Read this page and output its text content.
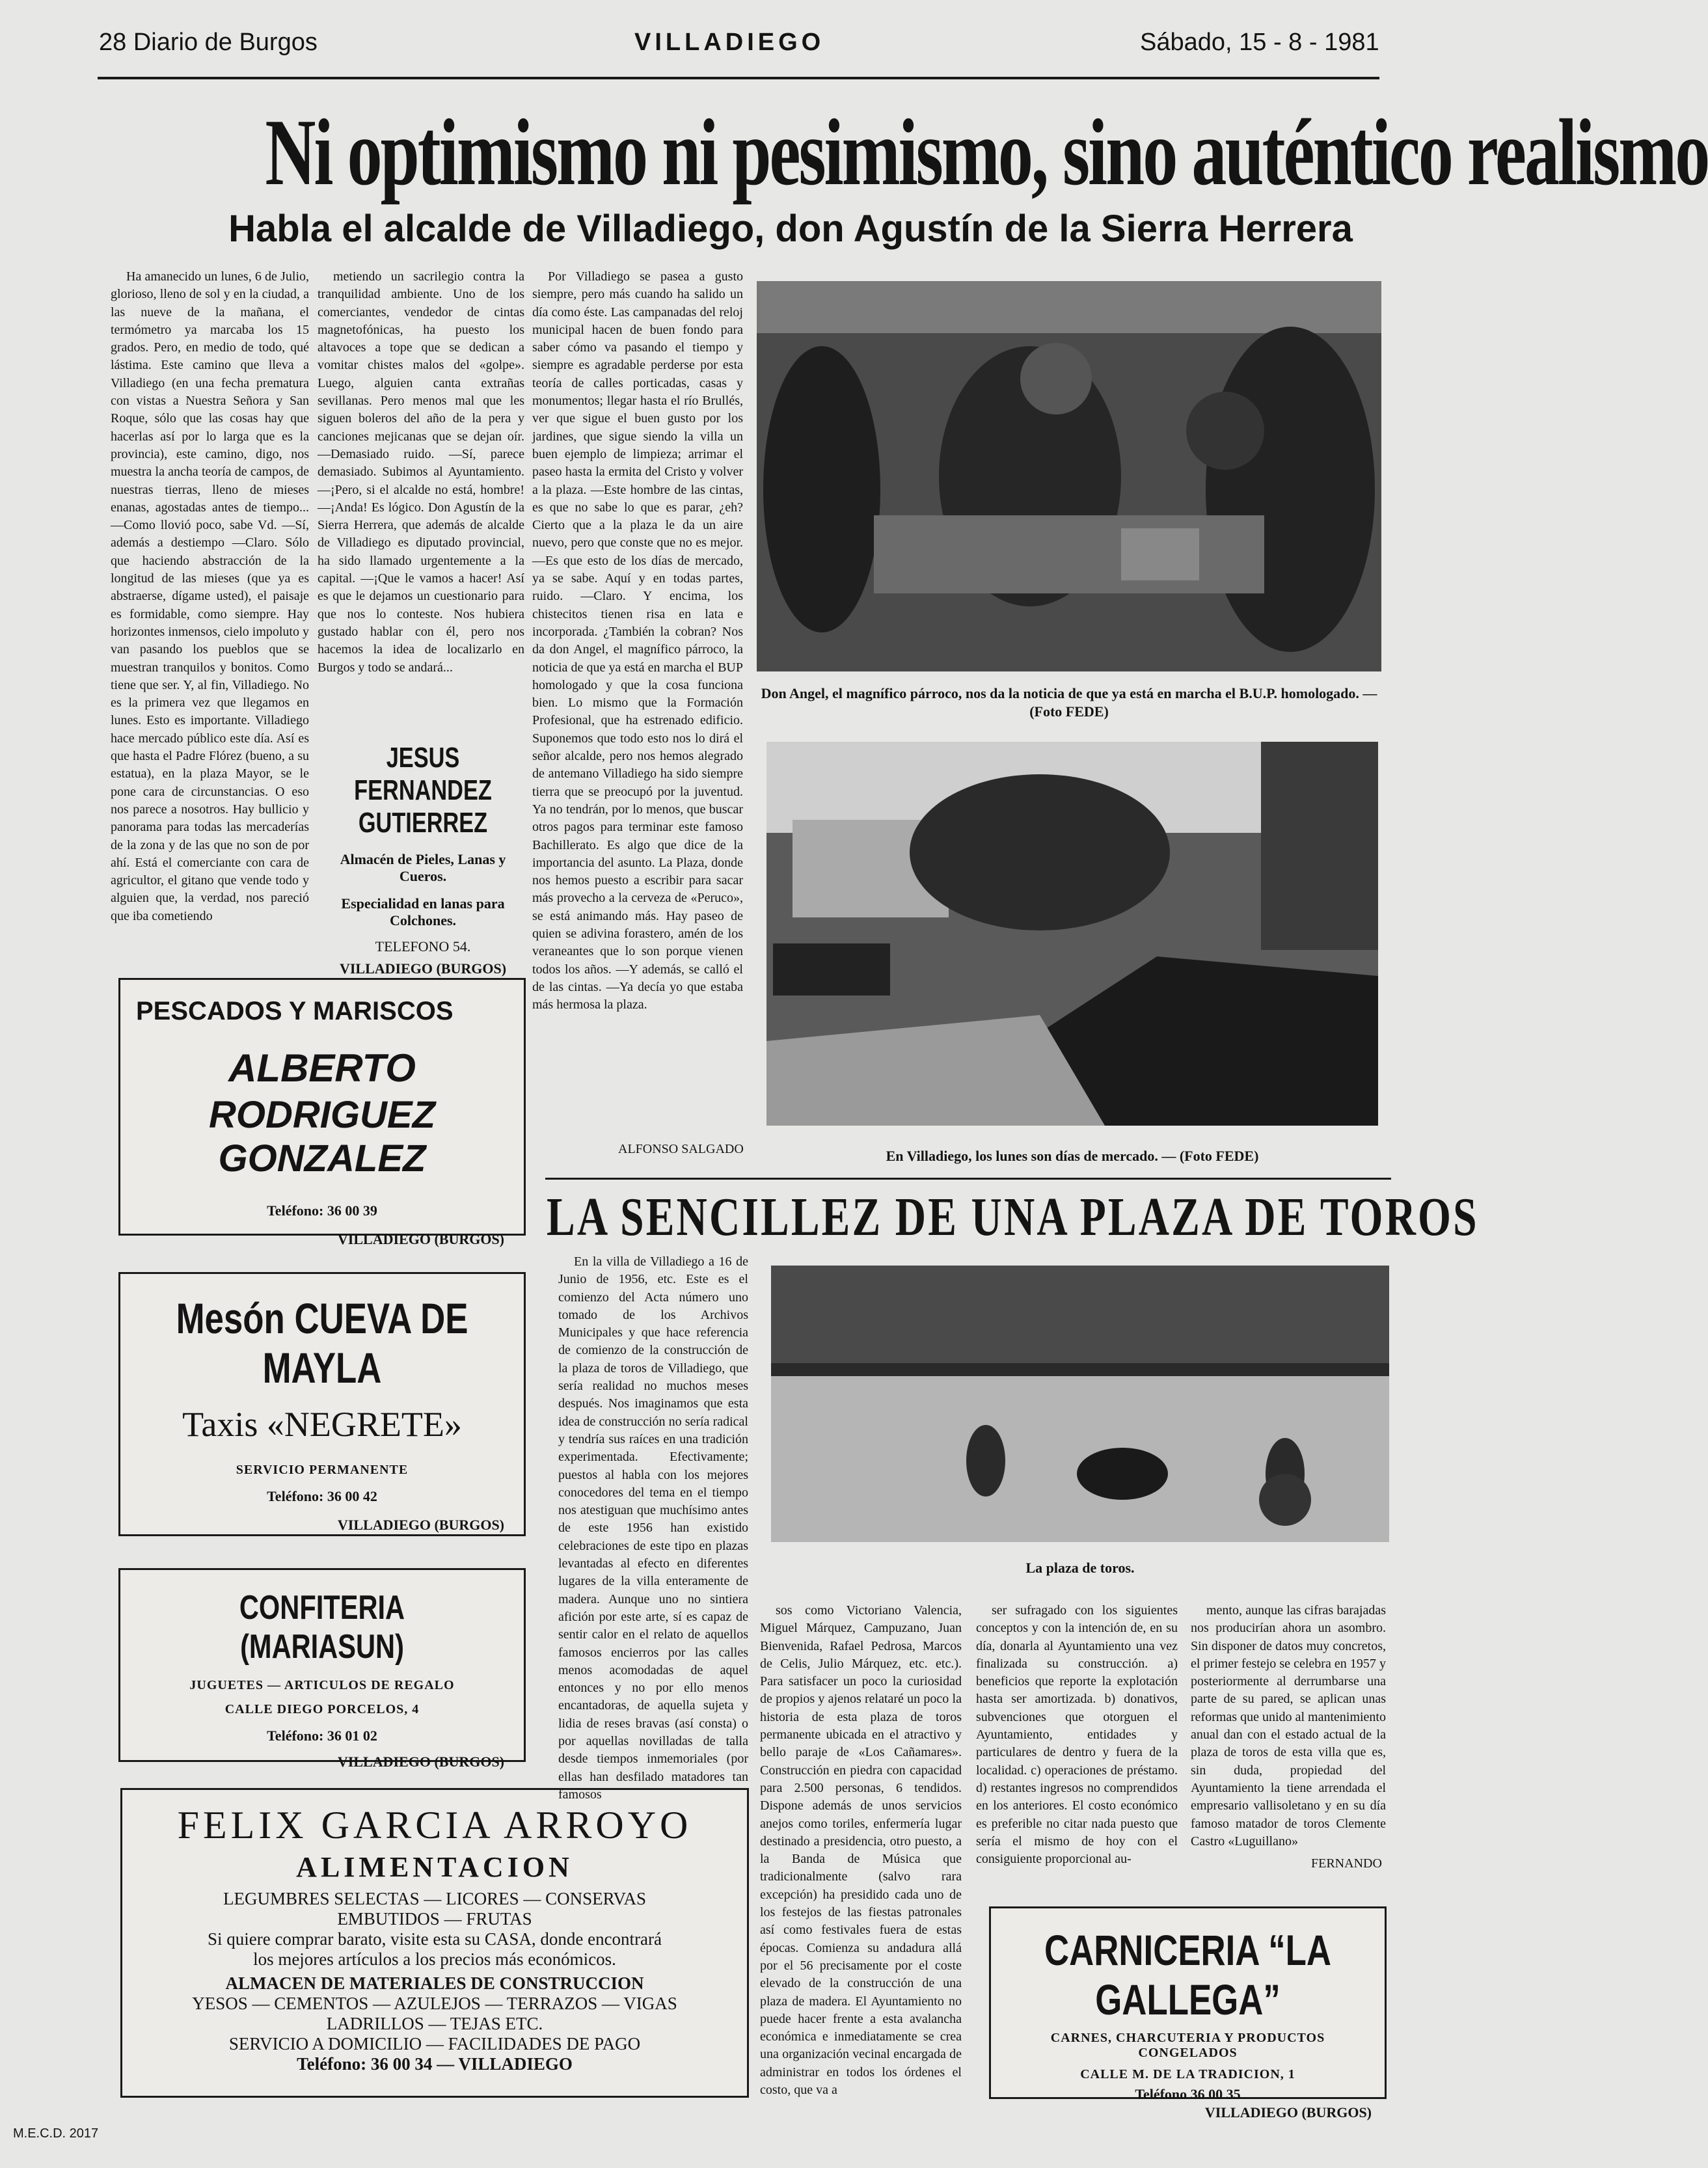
28 Diario de Burgos	VILLADIEGO	Sábado, 15 - 8 - 1981
Ni optimismo ni pesimismo, sino auténtico realismo
Habla el alcalde de Villadiego, don Agustín de la Sierra Herrera

Ha amanecido un lunes, 6 de Julio, glorioso, lleno de sol y en la ciudad, a las nueve de la mañana, el termómetro ya marcaba los 15 grados. Pero, en medio de todo, qué lástima. Este camino que lleva a Villadiego (en una fecha prematura con vistas a Nuestra Señora y San Roque, sólo que las cosas hay que hacerlas así por lo larga que es la provincia), este camino, digo, nos muestra la ancha teoría de campos, de nuestras tierras, lleno de mieses enanas, agostadas antes de tiempo... —Como llovió poco, sabe Vd. —Sí, además a destiempo —Claro. Sólo que haciendo abstracción de la longitud de las mieses (que ya es abstraerse, dígame usted), el paisaje es formidable, como siempre. Hay horizontes inmensos, cielo impoluto y van pasando los pueblos que se muestran tranquilos y bonitos. Como tiene que ser. Y, al fin, Villadiego. No es la primera vez que llegamos en lunes. Esto es importante. Villadiego hace mercado público este día. Así es que hasta el Padre Flórez (bueno, a su estatua), en la plaza Mayor, se le pone cara de circunstancias. O eso nos parece a nosotros. Hay bullicio y panorama para todas las mercaderías de la zona y de las que no son de por ahí. Está el comerciante con cara de agricultor, el gitano que vende todo y alguien que, la verdad, nos pareció que iba cometiendo

metiendo un sacrilegio contra la tranquilidad ambiente. Uno de los comerciantes, vendedor de cintas magnetofónicas, ha puesto los altavoces a tope que se dedican a vomitar chistes malos del «golpe». Luego, alguien canta extrañas sevillanas. Pero menos mal que les siguen boleros del año de la pera y canciones mejicanas que se dejan oír. —Demasiado ruido. —Sí, parece demasiado. Subimos al Ayuntamiento. —¡Pero, si el alcalde no está, hombre! —¡Anda! Es lógico. Don Agustín de la Sierra Herrera, que además de alcalde de Villadiego es diputado provincial, ha sido llamado urgentemente a la capital. —¡Que le vamos a hacer! Así es que le dejamos un cuestionario para que nos lo conteste. Nos hubiera gustado hablar con él, pero nos hacemos la idea de localizarlo en Burgos y todo se andará...

Por Villadiego se pasea a gusto siempre, pero más cuando ha salido un día como éste. Las campanadas del reloj municipal hacen de buen fondo para saber cómo va pasando el tiempo y siempre es agradable perderse por esta teoría de calles porticadas, casas y monumentos; llegar hasta el río Brullés, ver que sigue el buen gusto por los jardines, que sigue siendo la villa un buen ejemplo de limpieza; arrimar el paseo hasta la ermita del Cristo y volver a la plaza. —Este hombre de las cintas, es que no sabe lo que es parar, ¿eh? Cierto que a la plaza le da un aire nuevo, pero que conste que no es mejor. —Es que esto de los días de mercado, ya se sabe. Aquí y en todas partes, ruido. —Claro. Y encima, los chistecitos tienen risa en lata e incorporada. ¿También la cobran? Nos da don Angel, el magnífico párroco, la noticia de que ya está en marcha el BUP homologado y que la cosa funciona bien. Lo mismo que la Formación Profesional, que ha estrenado edificio. Suponemos que todo esto nos lo dirá el señor alcalde, pero nos hemos alegrado de antemano Villadiego ha sido siempre tierra que se preocupó por la juventud. Ya no tendrán, por lo menos, que buscar otros pagos para terminar este famoso Bachillerato. Es algo que dice de la importancia del asunto. La Plaza, donde nos hemos puesto a escribir para sacar más provecho a la cerveza de «Peruco», se está animando más. Hay paseo de quien se adivina forastero, amén de los veraneantes que lo son porque vienen todos los años. —Y además, se calló el de las cintas. —Ya decía yo que estaba más hermosa la plaza.

ALFONSO SALGADO
Don Angel, el magnífico párroco, nos da la noticia de que ya está en marcha el B.U.P. homologado. — (Foto FEDE)
JESUS FERNANDEZ GUTIERREZ
Almacén de Pieles, Lanas y Cueros.
Especialidad en lanas para Colchones.
TELEFONO 54.
VILLADIEGO (BURGOS)
En Villadiego, los lunes son días de mercado. — (Foto FEDE)
PESCADOS Y MARISCOS
ALBERTO
RODRIGUEZ GONZALEZ
Teléfono: 36 00 39
VILLADIEGO (BURGOS)
Mesón CUEVA DE MAYLA
Taxis «NEGRETE»
SERVICIO PERMANENTE
Teléfono: 36 00 42
VILLADIEGO (BURGOS)
CONFITERIA (MARIASUN)
JUGUETES — ARTICULOS DE REGALO
CALLE DIEGO PORCELOS, 4
Teléfono: 36 01 02
VILLADIEGO (BURGOS)
FELIX GARCIA ARROYO
ALIMENTACION
LEGUMBRES SELECTAS — LICORES — CONSERVAS
EMBUTIDOS — FRUTAS
Si quiere comprar barato, visite esta su CASA, donde encontrará
los mejores artículos a los precios más económicos.
ALMACEN DE MATERIALES DE CONSTRUCCION
YESOS — CEMENTOS — AZULEJOS — TERRAZOS — VIGAS
LADRILLOS — TEJAS ETC.
SERVICIO A DOMICILIO — FACILIDADES DE PAGO
Teléfono: 36 00 34 — VILLADIEGO
LA SENCILLEZ DE UNA PLAZA DE TOROS

En la villa de Villadiego a 16 de Junio de 1956, etc. Este es el comienzo del Acta número uno tomado de los Archivos Municipales y que hace referencia de comienzo de la construcción de la plaza de toros de Villadiego, que sería realidad no muchos meses después. Nos imaginamos que esta idea de construcción no sería radical y tendría sus raíces en una tradición experimentada. Efectivamente; puestos al habla con los mejores conocedores del tema en el tiempo nos atestiguan que muchísimo antes de este 1956 han existido celebraciones de este tipo en plazas levantadas al efecto en diferentes lugares de la villa enteramente de madera. Aunque uno no sintiera afición por este arte, sí es capaz de sentir calor en el relato de aquellos famosos encierros por las calles menos acomodadas de aquel entonces y no por ello menos encantadoras, de aquella sujeta y lidia de reses bravas (así consta) o por aquellas novilladas de talla desde tiempos inmemoriales (por ellas han desfilado matadores tan famosos

La plaza de toros.

sos como Victoriano Valencia, Miguel Márquez, Campuzano, Juan Bienvenida, Rafael Pedrosa, Marcos de Celis, Julio Márquez, etc. etc.). Para satisfacer un poco la curiosidad de propios y ajenos relataré un poco la historia de esta plaza de toros permanente ubicada en el atractivo y bello paraje de «Los Cañamares». Construcción en piedra con capacidad para 2.500 personas, 6 tendidos. Dispone además de unos servicios anejos como toriles, enfermería lugar destinado a presidencia, otro puesto, a la Banda de Música que tradicionalmente (salvo rara excepción) ha presidido cada uno de los festejos de las fiestas patronales así como festivales fuera de estas épocas. Comienza su andadura allá por el 56 precisamente por el coste elevado de la construcción de una plaza de madera. El Ayuntamiento no puede hacer frente a esta avalancha económica e inmediatamente se crea una organización vecinal encargada de administrar en todos los órdenes el costo, que va a

ser sufragado con los siguientes conceptos y con la intención de, en su día, donarla al Ayuntamiento una vez finalizada su construcción. a) beneficios que reporte la explotación hasta ser amortizada. b) donativos, subvenciones que otorguen el Ayuntamiento, entidades y particulares de dentro y fuera de la localidad. c) operaciones de préstamo. d) restantes ingresos no comprendidos en los anteriores. El costo económico es preferible no citar nada puesto que sería el mismo de hoy con el consiguiente proporcional au-

mento, aunque las cifras barajadas nos producirían ahora un asombro. Sin disponer de datos muy concretos, el primer festejo se celebra en 1957 y posteriormente al derrumbarse una parte de su pared, se aplican unas reformas que unido al mantenimiento anual dan con el estado actual de la plaza de toros de esta villa que es, sin duda, propiedad del Ayuntamiento la tiene arrendada el empresario vallisoletano y en su día famoso matador de toros Clemente Castro «Luguillano»

FERNANDO
CARNICERIA “LA GALLEGA”
CARNES, CHARCUTERIA Y PRODUCTOS
CONGELADOS
CALLE M. DE LA TRADICION, 1
Teléfono 36 00 35
VILLADIEGO (BURGOS)
M.E.C.D. 2017
